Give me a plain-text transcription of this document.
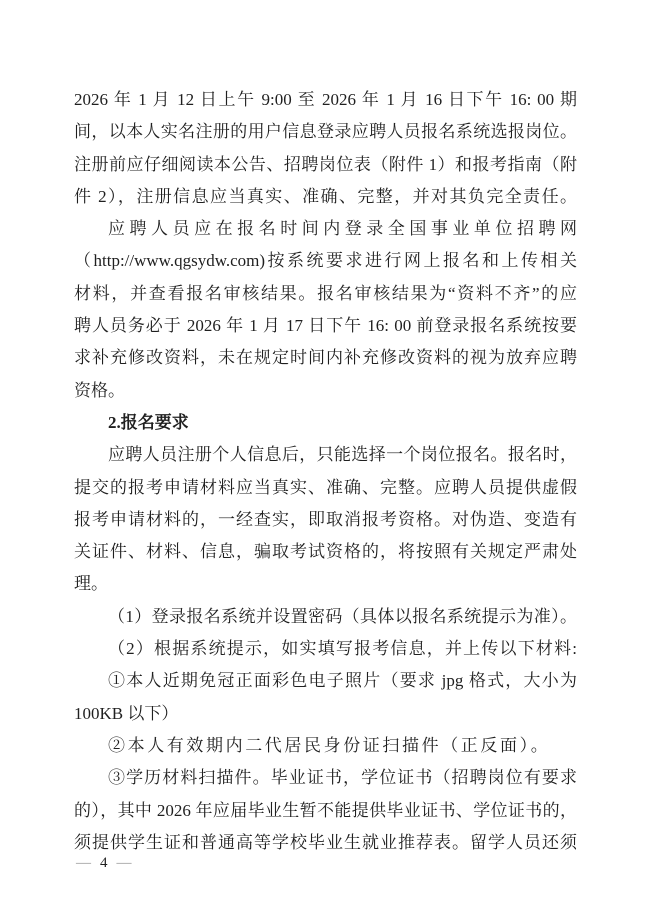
2026 年 1 月 12 日上午 9:00 至 2026 年 1 月 16 日下午 16: 00 期
间，以本人实名注册的用户信息登录应聘人员报名系统选报岗位。
注册前应仔细阅读本公告、招聘岗位表（附件 1）和报考指南（附
件 2），注册信息应当真实、准确、完整，并对其负完全责任。
应聘人员应在报名时间内登录全国事业单位招聘网
（http://www.qgsydw.com)按系统要求进行网上报名和上传相关
材料，并查看报名审核结果。报名审核结果为“资料不齐”的应
聘人员务必于 2026 年 1 月 17 日下午 16: 00 前登录报名系统按要
求补充修改资料，未在规定时间内补充修改资料的视为放弃应聘
资格。
2.报名要求
应聘人员注册个人信息后，只能选择一个岗位报名。报名时，
提交的报考申请材料应当真实、准确、完整。应聘人员提供虚假
报考申请材料的，一经查实，即取消报考资格。对伪造、变造有
关证件、材料、信息，骗取考试资格的，将按照有关规定严肃处
理。
（1）登录报名系统并设置密码（具体以报名系统提示为准）。
（2）根据系统提示，如实填写报考信息，并上传以下材料:
①本人近期免冠正面彩色电子照片（要求 jpg 格式，大小为
100KB 以下）
②本人有效期内二代居民身份证扫描件（正反面）。
③学历材料扫描件。毕业证书，学位证书（招聘岗位有要求
的），其中 2026 年应届毕业生暂不能提供毕业证书、学位证书的，
须提供学生证和普通高等学校毕业生就业推荐表。留学人员还须
— 4 —
